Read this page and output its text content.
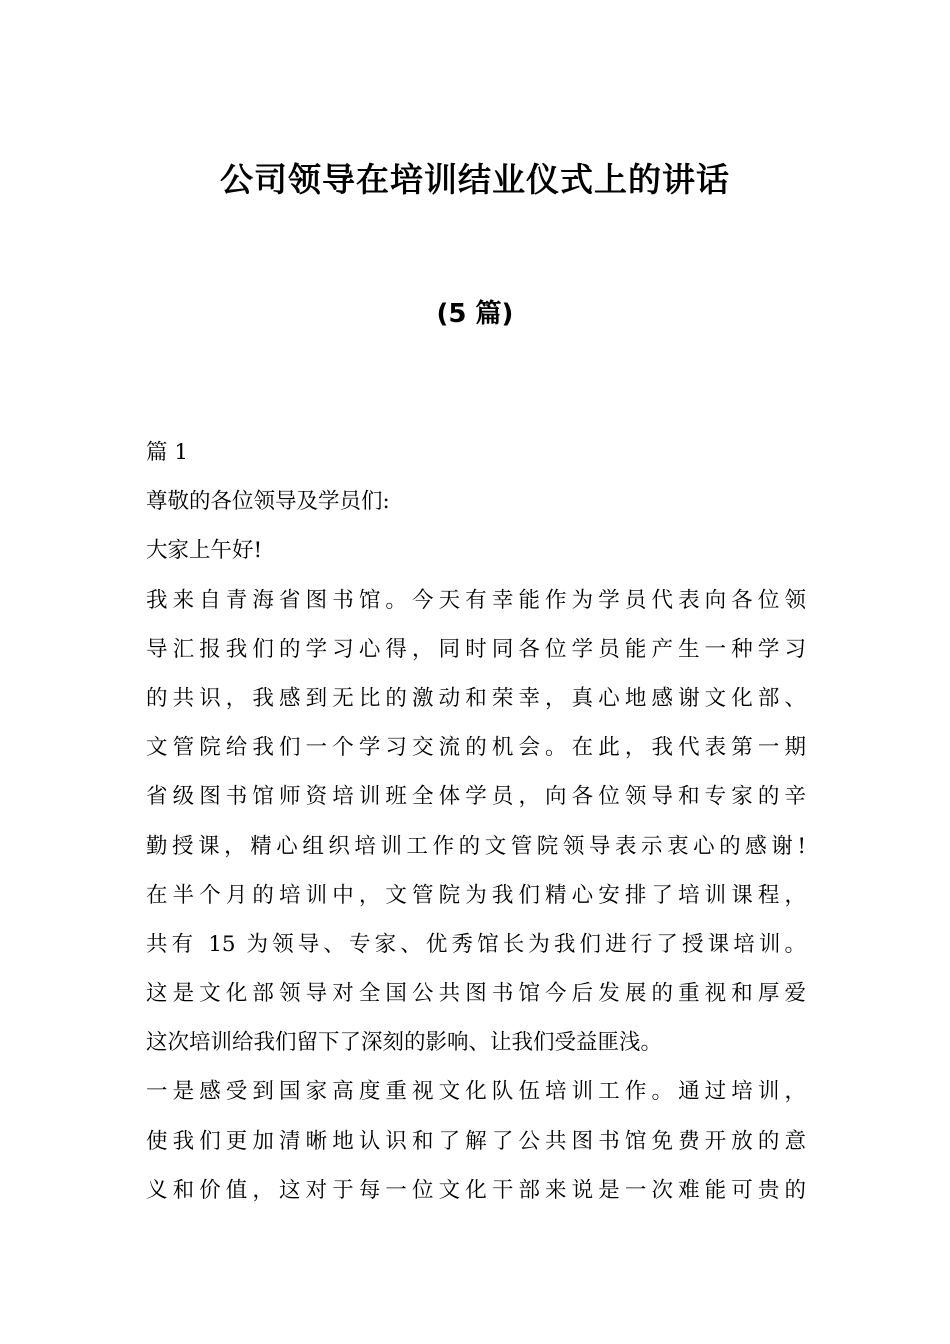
公司领导在培训结业仪式上的讲话
(5 篇)

篇 1

尊敬的各位领导及学员们:

大家上午好!

我来自青海省图书馆。今天有幸能作为学员代表向各位领

导汇报我们的学习心得，同时同各位学员能产生一种学习

的共识，我感到无比的激动和荣幸，真心地感谢文化部、

文管院给我们一个学习交流的机会。在此，我代表第一期

省级图书馆师资培训班全体学员，向各位领导和专家的辛

勤授课，精心组织培训工作的文管院领导表示衷心的感谢!

在半个月的培训中，文管院为我们精心安排了培训课程，

共有 15 为领导、专家、优秀馆长为我们进行了授课培训。

这是文化部领导对全国公共图书馆今后发展的重视和厚爱

这次培训给我们留下了深刻的影响、让我们受益匪浅。

一是感受到国家高度重视文化队伍培训工作。通过培训，

使我们更加清晰地认识和了解了公共图书馆免费开放的意

义和价值，这对于每一位文化干部来说是一次难能可贵的
